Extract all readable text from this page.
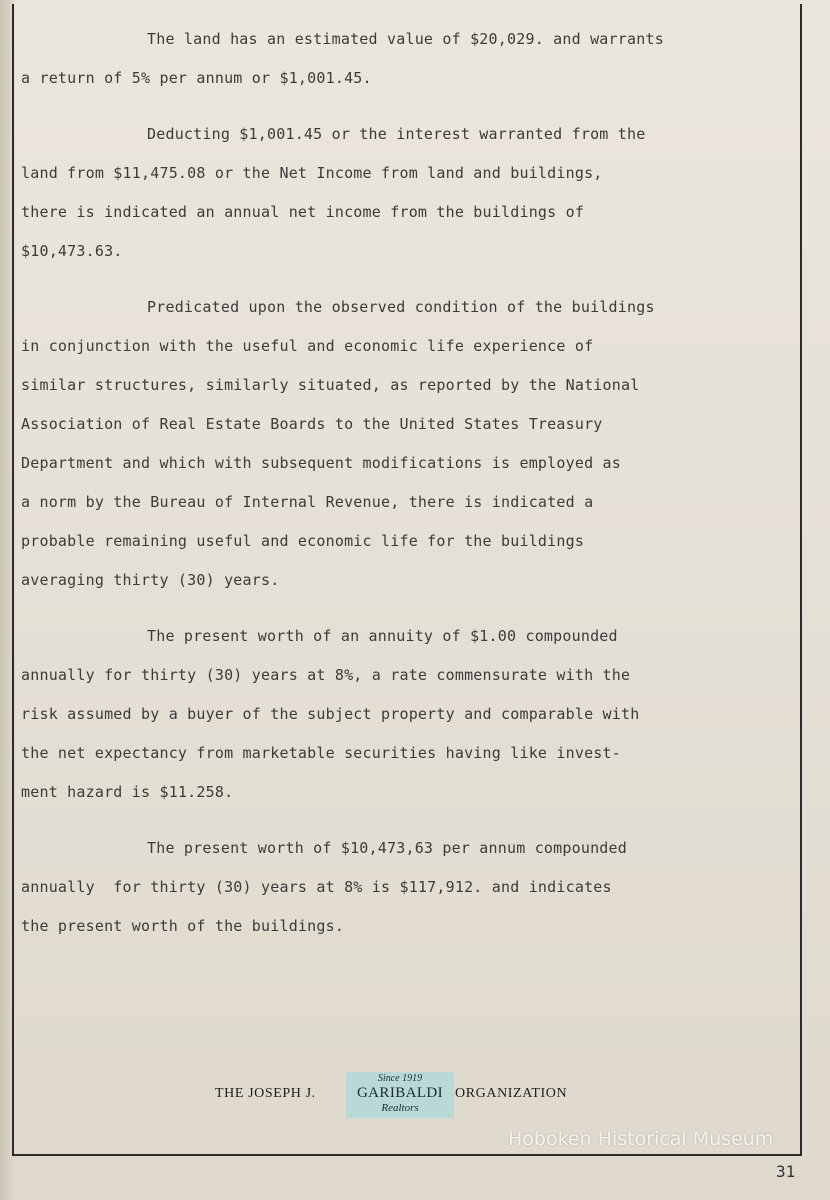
The land has an estimated value of $20,029. and warrants
a return of 5% per annum or $1,001.45.
Deducting $1,001.45 or the interest warranted from the
land from $11,475.08 or the Net Income from land and buildings,
there is indicated an annual net income from the buildings of
$10,473.63.
Predicated upon the observed condition of the buildings
in conjunction with the useful and economic life experience of
similar structures, similarly situated, as reported by the National
Association of Real Estate Boards to the United States Treasury
Department and which with subsequent modifications is employed as
a norm by the Bureau of Internal Revenue, there is indicated a
probable remaining useful and economic life for the buildings
averaging thirty (30) years.
The present worth of an annuity of $1.00 compounded
annually for thirty (30) years at 8%, a rate commensurate with the
risk assumed by a buyer of the subject property and comparable with
the net expectancy from marketable securities having like invest-
ment hazard is $11.258.
The present worth of $10,473,63 per annum compounded
annually  for thirty (30) years at 8% is $117,912. and indicates
the present worth of the buildings.
THE JOSEPH J.
Since 1919
GARIBALDI
Realtors
ORGANIZATION
Hoboken Historical Museum
31
